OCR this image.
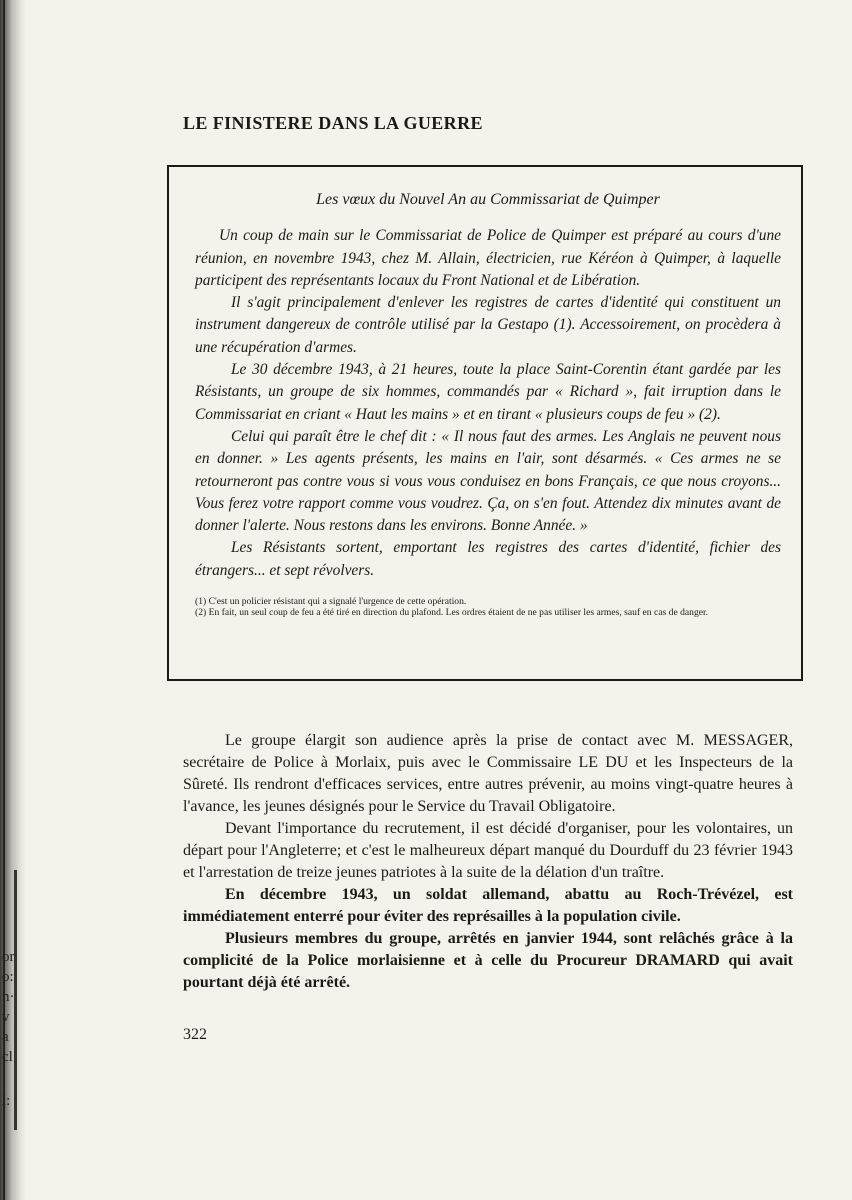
or
o:
n·
v
a
cl
l:
LE FINISTERE DANS LA GUERRE
Les vœux du Nouvel An au Commissariat de Quimper

Un coup de main sur le Commissariat de Police de Quimper est préparé au cours d'une réunion, en novembre 1943, chez M. Allain, électricien, rue Kéréon à Quimper, à laquelle participent des représentants locaux du Front National et de Libération.

Il s'agit principalement d'enlever les registres de cartes d'identité qui constituent un instrument dangereux de contrôle utilisé par la Gestapo (1). Accessoirement, on procèdera à une récupération d'armes.

Le 30 décembre 1943, à 21 heures, toute la place Saint-Corentin étant gardée par les Résistants, un groupe de six hommes, commandés par « Richard », fait irruption dans le Commissariat en criant « Haut les mains » et en tirant « plusieurs coups de feu » (2).

Celui qui paraît être le chef dit : « Il nous faut des armes. Les Anglais ne peuvent nous en donner. » Les agents présents, les mains en l'air, sont désarmés. « Ces armes ne se retourneront pas contre vous si vous vous conduisez en bons Français, ce que nous croyons... Vous ferez votre rapport comme vous voudrez. Ça, on s'en fout. Attendez dix minutes avant de donner l'alerte. Nous restons dans les environs. Bonne Année. »

Les Résistants sortent, emportant les registres des cartes d'identité, fichier des étrangers... et sept révolvers.

(1) C'est un policier résistant qui a signalé l'urgence de cette opération.
(2) En fait, un seul coup de feu a été tiré en direction du plafond. Les ordres étaient de ne pas utiliser les armes, sauf en cas de danger.

Le groupe élargit son audience après la prise de contact avec M. MESSAGER, secrétaire de Police à Morlaix, puis avec le Commissaire LE DU et les Inspecteurs de la Sûreté. Ils rendront d'efficaces services, entre autres prévenir, au moins vingt-quatre heures à l'avance, les jeunes désignés pour le Service du Travail Obligatoire.

Devant l'importance du recrutement, il est décidé d'organiser, pour les volontaires, un départ pour l'Angleterre; et c'est le malheureux départ manqué du Dourduff du 23 février 1943 et l'arrestation de treize jeunes patriotes à la suite de la délation d'un traître.

En décembre 1943, un soldat allemand, abattu au Roch-Trévézel, est immédiatement enterré pour éviter des représailles à la population civile.

Plusieurs membres du groupe, arrêtés en janvier 1944, sont relâchés grâce à la complicité de la Police morlaisienne et à celle du Procureur DRAMARD qui avait pourtant déjà été arrêté.

322
